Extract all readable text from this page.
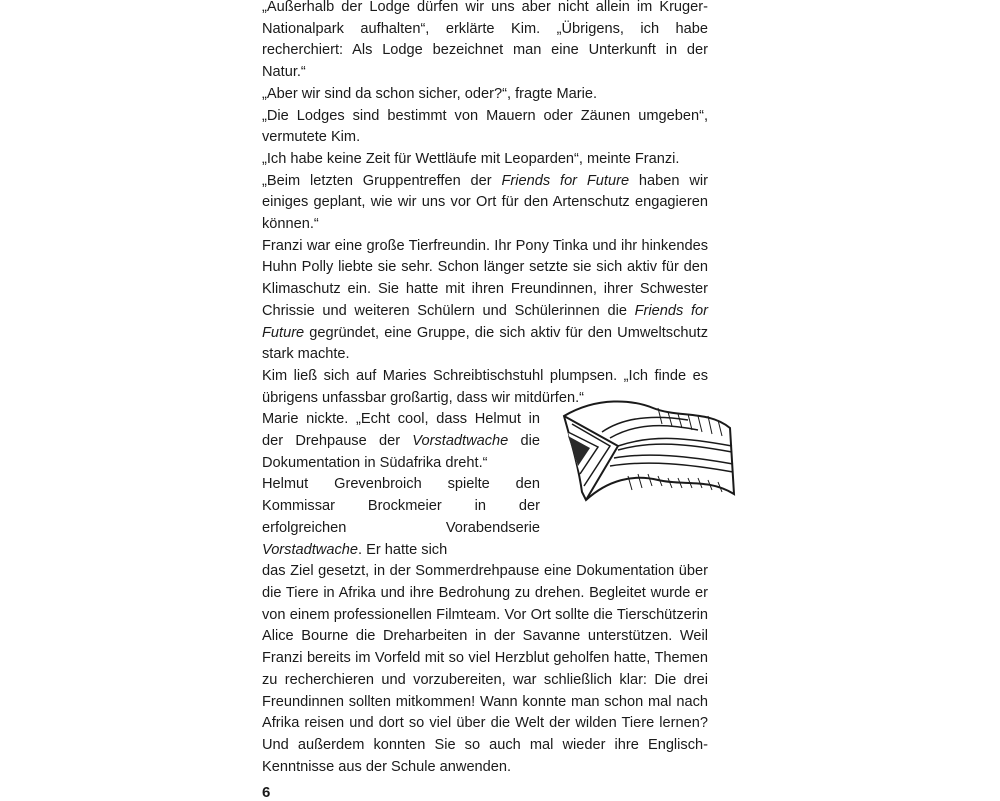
„Außerhalb der Lodge dürfen wir uns aber nicht allein im Kruger-Nationalpark aufhalten“, erklärte Kim. „Übrigens, ich habe recherchiert: Als Lodge bezeichnet man eine Unterkunft in der Natur.“
„Aber wir sind da schon sicher, oder?“, fragte Marie.
„Die Lodges sind bestimmt von Mauern oder Zäunen umgeben“, vermutete Kim.
„Ich habe keine Zeit für Wettläufe mit Leoparden“, meinte Franzi.
„Beim letzten Gruppentreffen der Friends for Future haben wir einiges geplant, wie wir uns vor Ort für den Artenschutz engagieren können.“
Franzi war eine große Tierfreundin. Ihr Pony Tinka und ihr hinkendes Huhn Polly liebte sie sehr. Schon länger setzte sie sich aktiv für den Klimaschutz ein. Sie hatte mit ihren Freundinnen, ihrer Schwester Chrissie und weiteren Schülern und Schülerinnen die Friends for Future gegründet, eine Gruppe, die sich aktiv für den Umweltschutz stark machte.
Kim ließ sich auf Maries Schreibtischstuhl plumpsen. „Ich finde es übrigens unfassbar großartig, dass wir mitdürfen.“
Marie nickte. „Echt cool, dass Helmut in der Drehpause der Vorstadtwache die Dokumentation in Südafrika dreht.“
Helmut Grevenbroich spielte den Kommissar Brockmeier in der erfolgreichen Vorabendserie Vorstadtwache. Er hatte sich
das Ziel gesetzt, in der Sommerdrehpause eine Dokumentation über die Tiere in Afrika und ihre Bedrohung zu drehen. Begleitet wurde er von einem professionellen Filmteam. Vor Ort sollte die Tierschützerin Alice Bourne die Dreharbeiten in der Savanne unterstützen. Weil Franzi bereits im Vorfeld mit so viel Herzblut geholfen hatte, Themen zu recherchieren und vorzubereiten, war schließlich klar: Die drei Freundinnen sollten mitkommen! Wann konnte man schon mal nach Afrika reisen und dort so viel über die Welt der wilden Tiere lernen? Und außerdem konnten Sie so auch mal wieder ihre Englisch-Kenntnisse aus der Schule anwenden.
6
